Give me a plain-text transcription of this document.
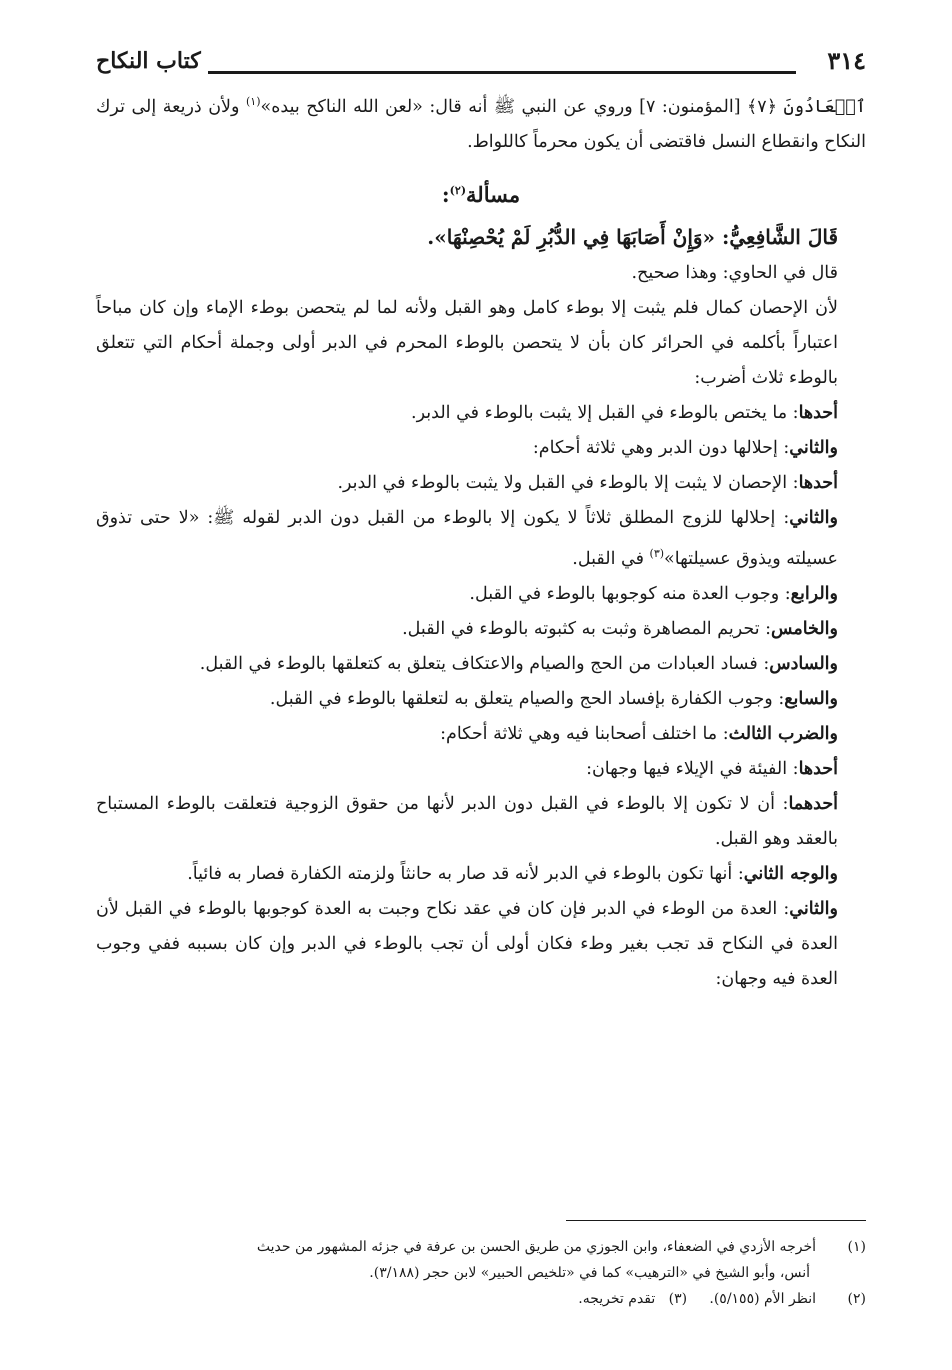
٣١٤
كتاب النكاح

ٱلۡعَادُونَ ﴿٧﴾ [المؤمنون: ٧] وروي عن النبي ﷺ أنه قال: «لعن الله الناكح بيده»$^{(١)}$ ولأن ذريعة إلى ترك النكاح وانقطاع النسل فاقتضى أن يكون محرماً كاللواط.

مسألة$^{(٢)}$:

قَالَ الشَّافِعِيُّ: «وَإِنْ أَصَابَهَا فِي الدُّبُرِ لَمْ يُحْصِنْهَا».

قال في الحاوي: وهذا صحيح.

لأن الإحصان كمال فلم يثبت إلا بوطء كامل وهو القبل ولأنه لما لم يتحصن بوطء الإماء وإن كان مباحاً اعتباراً بأكلمه في الحرائر كان بأن لا يتحصن بالوطء المحرم في الدبر أولى وجملة أحكام التي تتعلق بالوطء ثلاث أضرب:

أحدها: ما يختص بالوطء في القبل إلا يثبت بالوطء في الدبر.

والثاني: إحلالها دون الدبر وهي ثلاثة أحكام:

أحدها: الإحصان لا يثبت إلا بالوطء في القبل ولا يثبت بالوطء في الدبر.

والثاني: إحلالها للزوج المطلق ثلاثاً لا يكون إلا بالوطء من القبل دون الدبر لقوله ﷺ: «لا حتى تذوق عسيلته ويذوق عسيلتها»$^{(٣)}$ في القبل.

والرابع: وجوب العدة منه كوجوبها بالوطء في القبل.

والخامس: تحريم المصاهرة وثبت به كثبوته بالوطء في القبل.

والسادس: فساد العبادات من الحج والصيام والاعتكاف يتعلق به كتعلقها بالوطء في القبل.

والسابع: وجوب الكفارة بإفساد الحج والصيام يتعلق به لتعلقها بالوطء في القبل.

والضرب الثالث: ما اختلف أصحابنا فيه وهي ثلاثة أحكام:

أحدها: الفيئة في الإيلاء فيها وجهان:

أحدهما: أن لا تكون إلا بالوطء في القبل دون الدبر لأنها من حقوق الزوجية فتعلقت بالوطء المستباح بالعقد وهو القبل.

والوجه الثاني: أنها تكون بالوطء في الدبر لأنه قد صار به حانثاً ولزمته الكفارة فصار به فائياً.

والثاني: العدة من الوطء في الدبر فإن كان في عقد نكاح وجبت به العدة كوجوبها بالوطء في القبل لأن العدة في النكاح قد تجب بغير وطء فكان أولى أن تجب بالوطء في الدبر وإن كان بسببه ففي وجوب العدة فيه وجهان:

(١)أخرجه الأزدي في الضعفاء، وابن الجوزي من طريق الحسن بن عرفة في جزئه المشهور من حديث

أنس، وأبو الشيخ في «الترهيب» كما في «تلخيص الحبير» لابن حجر (٣/١٨٨).

(٢)انظر الأم (٥/١٥٥).     (٣)   تقدم تخريجه.
